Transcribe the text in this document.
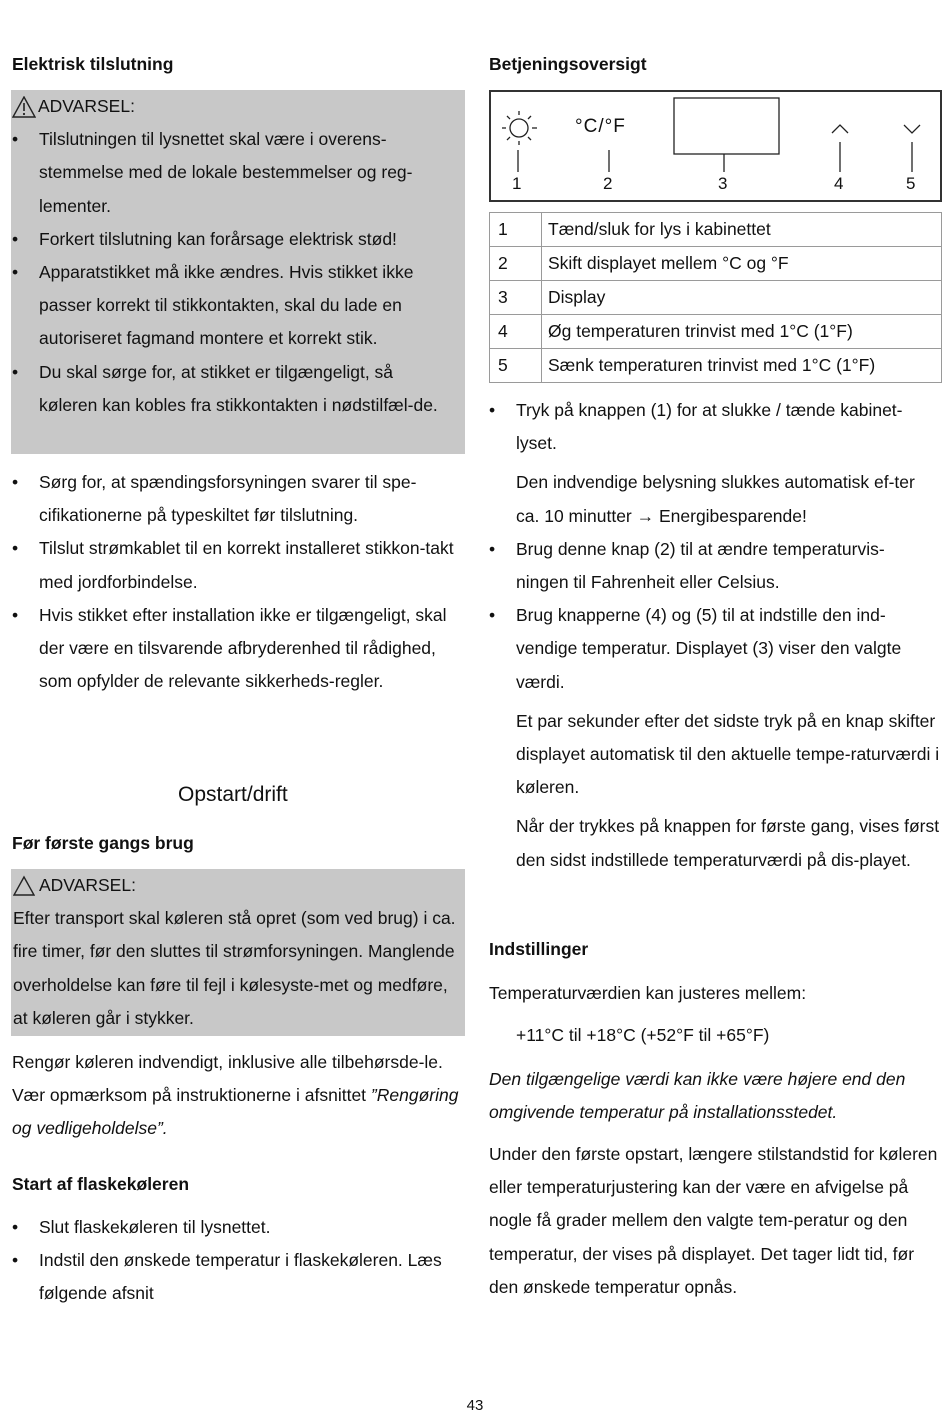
Elektrisk tilslutning
ADVARSEL:
• Tilslutningen til lysnettet skal være i overens-stemmelse med de lokale bestemmelser og reg-lementer.
• Forkert tilslutning kan forårsage elektrisk stød!
• Apparatstikket må ikke ændres. Hvis stikket ikke passer korrekt til stikkontakten, skal du lade en autoriseret fagmand montere et korrekt stik.
• Du skal sørge for, at stikket er tilgængeligt, så køleren kan kobles fra stikkontakten i nødstilfæl-de.
• Sørg for, at spændingsforsyningen svarer til spe-cifikationerne på typeskiltet før tilslutning.
• Tilslut strømkablet til en korrekt installeret stikkon-takt med jordforbindelse.
• Hvis stikket efter installation ikke er tilgængeligt, skal der være en tilsvarende afbryderenhed til rådighed, som opfylder de relevante sikkerheds-regler.
Opstart/drift
Før første gangs brug
ADVARSEL:
Efter transport skal køleren stå opret (som ved brug) i ca. fire timer, før den sluttes til strømforsyningen. Manglende overholdelse kan føre til fejl i kølesyste-met og medføre, at køleren går i stykker.
Rengør køleren indvendigt, inklusive alle tilbehørsde-le. Vær opmærksom på instruktionerne i afsnittet ”Rengøring og vedligeholdelse”.
Start af flaskekøleren
• Slut flaskekøleren til lysnettet.
• Indstil den ønskede temperatur i flaskekøleren. Læs følgende afsnit
Betjeningsoversigt
°C/°F
1	2	3	4	5
1	Tænd/sluk for lys i kabinettet
2	Skift displayet mellem °C og °F
3	Display
4	Øg temperaturen trinvist med 1°C (1°F)
5	Sænk temperaturen trinvist med 1°C (1°F)
• Tryk på knappen (1) for at slukke / tænde kabinet-lyset.
Den indvendige belysning slukkes automatisk ef-ter ca. 10 minutter → Energibesparende!
• Brug denne knap (2) til at ændre temperaturvis-ningen til Fahrenheit eller Celsius.
• Brug knapperne (4) og (5) til at indstille den ind-vendige temperatur. Displayet (3) viser den valgte værdi.
Et par sekunder efter det sidste tryk på en knap skifter displayet automatisk til den aktuelle tempe-raturværdi i køleren.
Når der trykkes på knappen for første gang, vises først den sidst indstillede temperaturværdi på dis-playet.
Indstillinger
Temperaturværdien kan justeres mellem:
+11°C til +18°C (+52°F til +65°F)
Den tilgængelige værdi kan ikke være højere end den omgivende temperatur på installationsstedet.
Under den første opstart, længere stilstandstid for køleren eller temperaturjustering kan der være en afvigelse på nogle få grader mellem den valgte tem-peratur og den temperatur, der vises på displayet. Det tager lidt tid, før den ønskede temperatur opnås.
43
